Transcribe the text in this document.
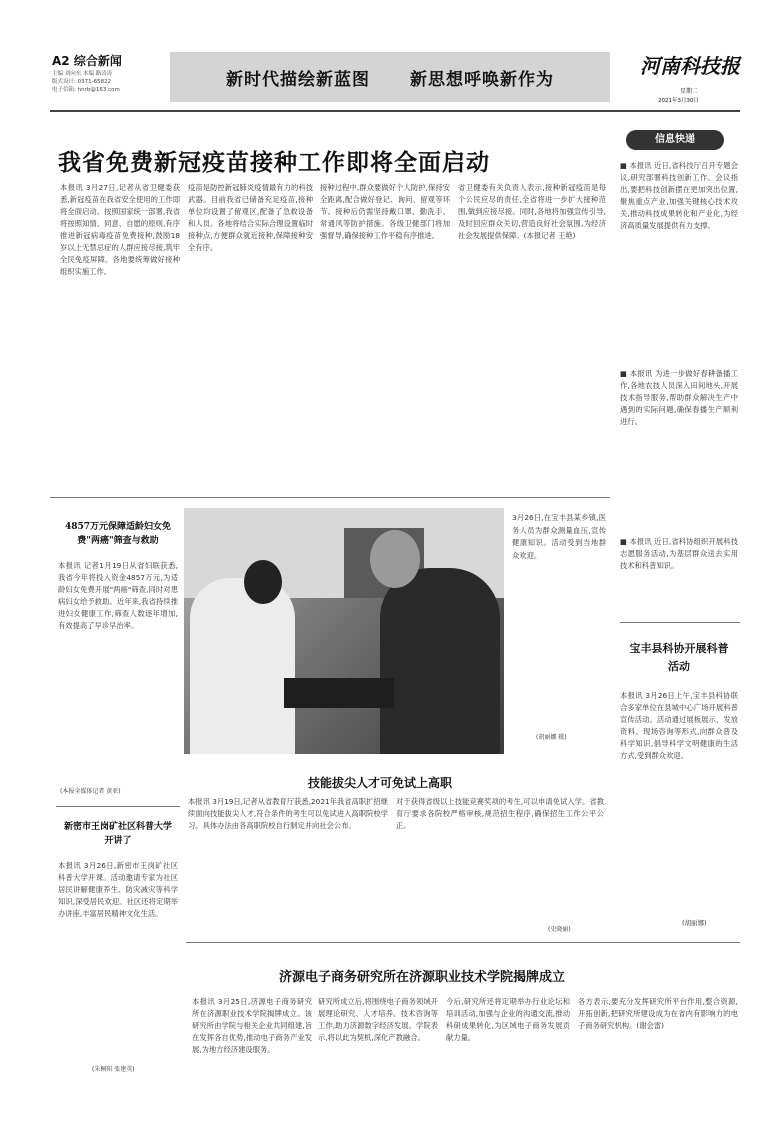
A2 综合新闻
主编 刘向东 本编 路涛涛
版式设计: 0371-65822
电子信箱: hnrb@163.com
新时代描绘新蓝图 新思想呼唤新作为
河南科技报
星期二
2021年3月30日
我省免费新冠疫苗接种工作即将全面启动
本报讯 3月27日,记者从省卫健委获悉,新冠疫苗在我省安全使用的工作即将全面启动。按照国家统一部署,我省将按照知情、同意、自愿的原则,有序推进新冠病毒疫苗免费接种,鼓励18岁以上无禁忌症的人群应接尽接,筑牢全民免疫屏障。各地要统筹做好接种组织实施工作。
疫苗是防控新冠肺炎疫情最有力的科技武器。目前我省已储备充足疫苗,接种单位均设置了留观区,配备了急救设备和人员。各地将结合实际合理设置临时接种点,方便群众就近接种,保障接种安全有序。
接种过程中,群众要做好个人防护,保持安全距离,配合做好登记、询问、留观等环节。接种后仍需坚持戴口罩、勤洗手、常通风等防护措施。各级卫健部门将加强督导,确保接种工作平稳有序推进。
省卫健委有关负责人表示,接种新冠疫苗是每个公民应尽的责任,全省将进一步扩大接种范围,做到应接尽接。同时,各地将加强宣传引导,及时回应群众关切,营造良好社会氛围,为经济社会发展提供保障。(本报记者 王艳)
信息快递
■ 本报讯 近日,省科技厅召开专题会议,研究部署科技创新工作。会议指出,要把科技创新摆在更加突出位置,聚焦重点产业,加强关键核心技术攻关,推动科技成果转化和产业化,为经济高质量发展提供有力支撑。
■ 本报讯 为进一步做好春耕备播工作,各地农技人员深入田间地头,开展技术指导服务,帮助群众解决生产中遇到的实际问题,确保春播生产顺利进行。
■ 本报讯 近日,省科协组织开展科技志愿服务活动,为基层群众送去实用技术和科普知识。
宝丰县科协开展科普活动
本报讯 3月26日上午,宝丰县科协联合多家单位在县城中心广场开展科普宣传活动。活动通过展板展示、发放资料、现场咨询等形式,向群众普及科学知识,倡导科学文明健康的生活方式,受到群众欢迎。
(胡丽娜)
4857万元保障适龄妇女免费"两癌"筛查与救助
本报讯 记者1月19日从省妇联获悉,我省今年将投入资金4857万元,为适龄妇女免费开展"两癌"筛查,同时对患病妇女给予救助。近年来,我省持续推进妇女健康工作,筛查人数逐年增加,有效提高了早诊早治率。
(本报全媒体记者 黄亚)
新密市王岗矿社区科普大学开讲了
本报讯 3月26日,新密市王岗矿社区科普大学开课。活动邀请专家为社区居民讲解健康养生、防灾减灾等科学知识,深受居民欢迎。社区还将定期举办讲座,丰富居民精神文化生活。
(朱桐阳 张建英)
3月26日,在宝丰县某乡镇,医务人员为群众测量血压,宣传健康知识。活动受到当地群众欢迎。
(胡丽娜 摄)
技能拔尖人才可免试上高职
本报讯 3月19日,记者从省教育厅获悉,2021年我省高职扩招继续面向技能拔尖人才,符合条件的考生可以免试进入高职院校学习。具体办法由各高职院校自行制定并向社会公布。
对于获得省级以上技能竞赛奖项的考生,可以申请免试入学。省教育厅要求各院校严格审核,规范招生程序,确保招生工作公平公正。
(史晓丽)
济源电子商务研究所在济源职业技术学院揭牌成立
本报讯 3月25日,济源电子商务研究所在济源职业技术学院揭牌成立。该研究所由学院与相关企业共同组建,旨在发挥各自优势,推动电子商务产业发展,为地方经济建设服务。
研究所成立后,将围绕电子商务领域开展理论研究、人才培养、技术咨询等工作,助力济源数字经济发展。学院表示,将以此为契机,深化产教融合。
今后,研究所还将定期举办行业论坛和培训活动,加强与企业的沟通交流,推动科研成果转化,为区域电子商务发展贡献力量。
各方表示,要充分发挥研究所平台作用,整合资源,开拓创新,把研究所建设成为在省内有影响力的电子商务研究机构。(谢会雷)
